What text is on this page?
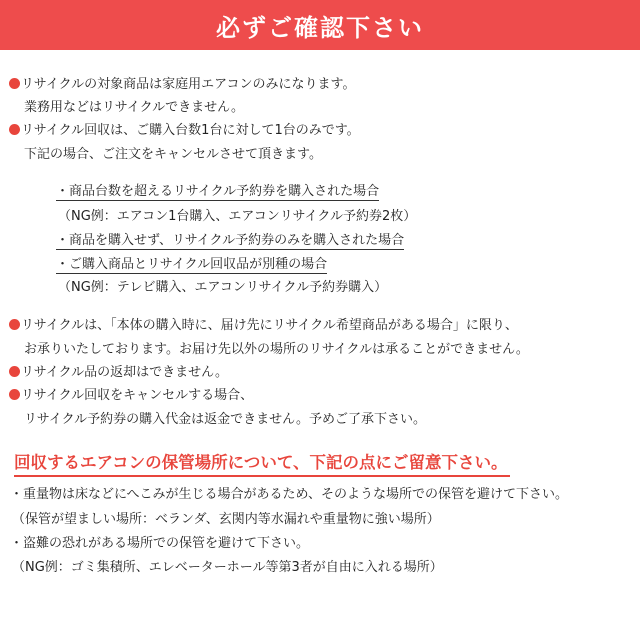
必ずご確認下さい
リサイクルの対象商品は家庭用エアコンのみになります。
業務用などはリサイクルできません。
リサイクル回収は、ご購入台数1台に対して1台のみです。
下記の場合、ご注文をキャンセルさせて頂きます。
・商品台数を超えるリサイクル予約券を購入された場合
（NG例：エアコン1台購入、エアコンリサイクル予約券2枚）
・商品を購入せず、リサイクル予約券のみを購入された場合
・ご購入商品とリサイクル回収品が別種の場合
（NG例：テレビ購入、エアコンリサイクル予約券購入）
リサイクルは、「本体の購入時に、届け先にリサイクル希望商品がある場合」に限り、
お承りいたしております。お届け先以外の場所のリサイクルは承ることができません。
リサイクル品の返却はできません。
リサイクル回収をキャンセルする場合、
リサイクル予約券の購入代金は返金できません。予めご了承下さい。
回収するエアコンの保管場所について、下記の点にご留意下さい。
・重量物は床などにへこみが生じる場合があるため、そのような場所での保管を避けて下さい。
（保管が望ましい場所：ベランダ、玄関内等水漏れや重量物に強い場所）
・盗難の恐れがある場所での保管を避けて下さい。
（NG例：ゴミ集積所、エレベーターホール等第3者が自由に入れる場所）
